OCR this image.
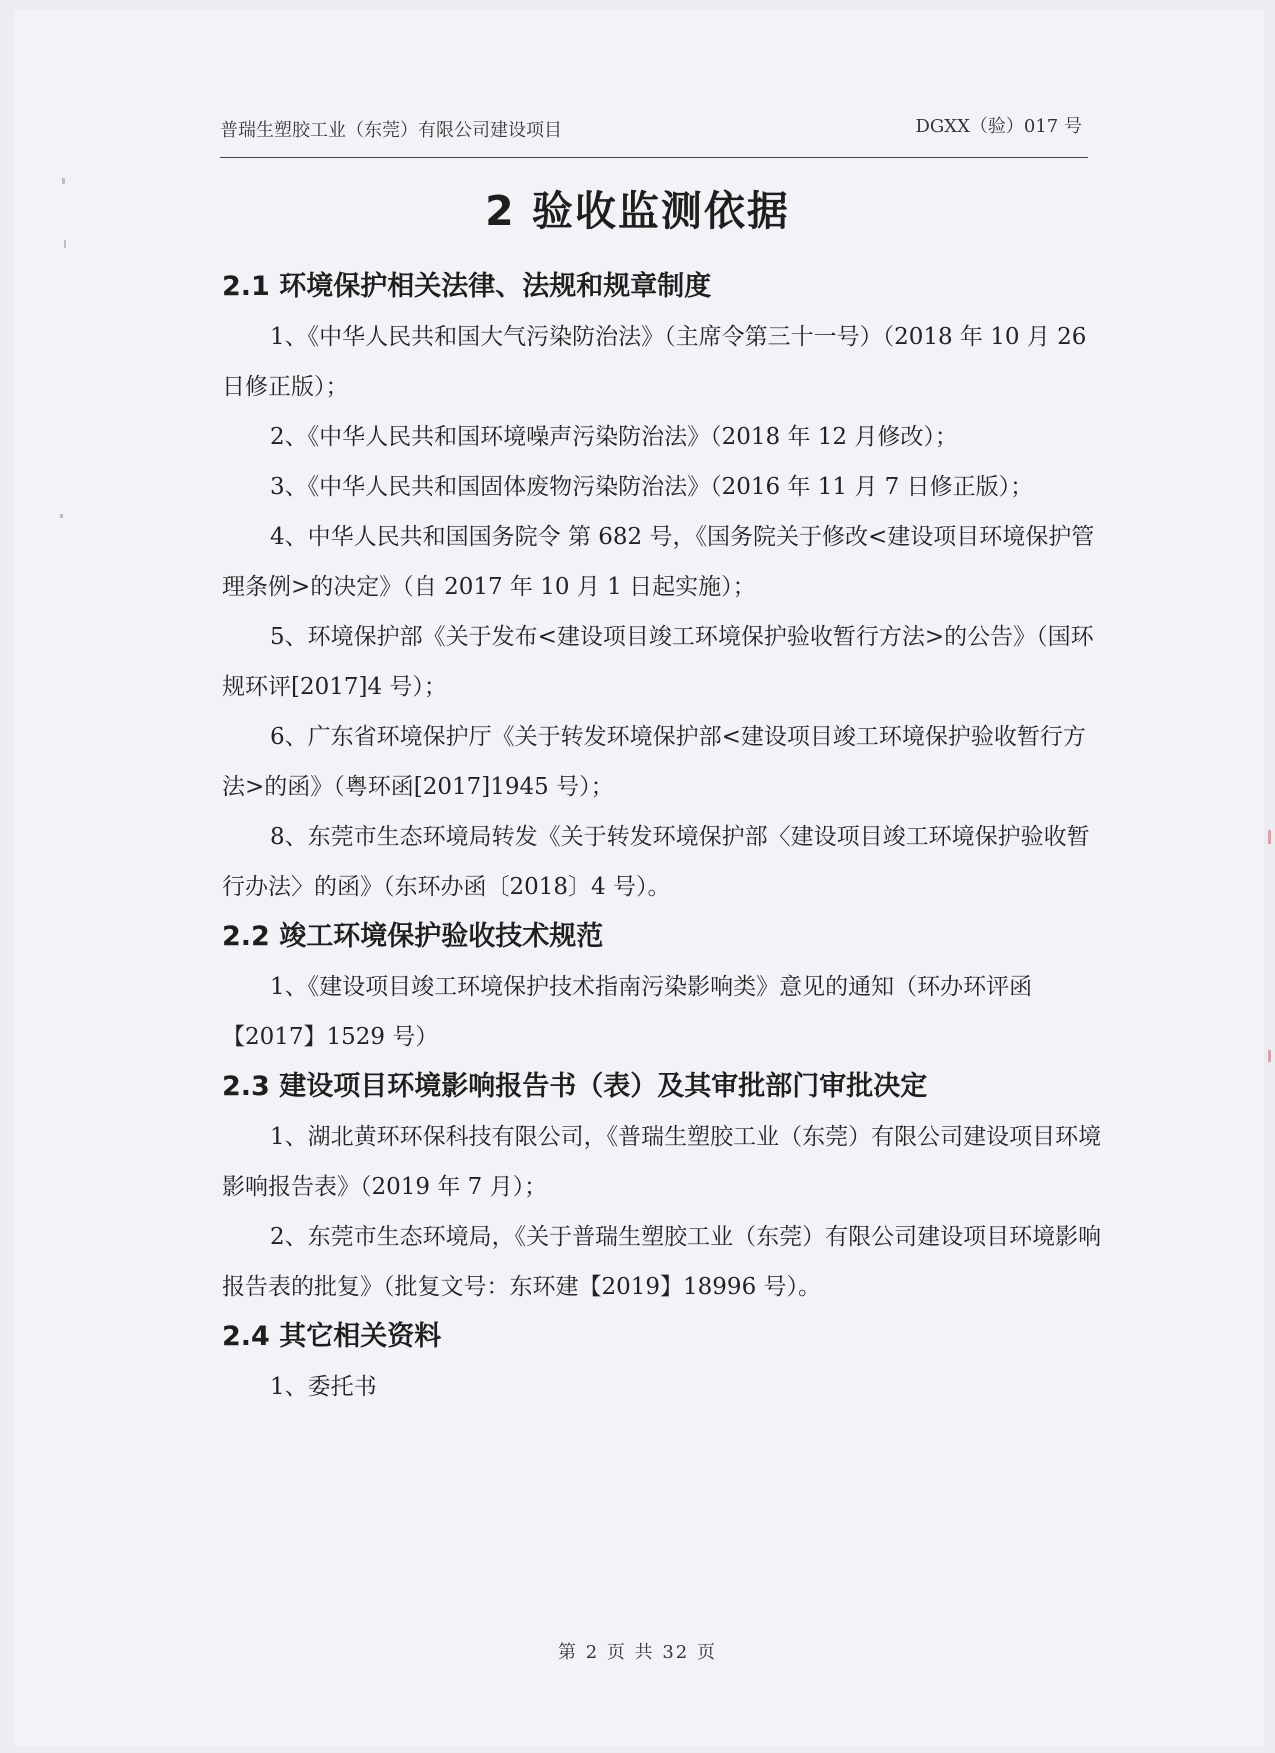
普瑞生塑胶工业（东莞）有限公司建设项目	DGXX（验）017 号
2 验收监测依据
2.1 环境保护相关法律、法规和规章制度

1、《中华人民共和国大气污染防治法》（主席令第三十一号）（2018 年 10 月 26 日修正版）；

2、《中华人民共和国环境噪声污染防治法》（2018 年 12 月修改）；

3、《中华人民共和国固体废物污染防治法》（2016 年 11 月 7 日修正版）；

4、中华人民共和国国务院令 第 682 号，《国务院关于修改<建设项目环境保护管理条例>的决定》（自 2017 年 10 月 1 日起实施）；

5、环境保护部《关于发布<建设项目竣工环境保护验收暂行方法>的公告》（国环规环评[2017]4 号）；

6、广东省环境保护厅《关于转发环境保护部<建设项目竣工环境保护验收暂行方法>的函》（粤环函[2017]1945 号）；

8、东莞市生态环境局转发《关于转发环境保护部〈建设项目竣工环境保护验收暂行办法〉的函》（东环办函〔2018〕4 号）。

2.2 竣工环境保护验收技术规范

1、《建设项目竣工环境保护技术指南污染影响类》意见的通知（环办环评函【2017】1529 号）

2.3 建设项目环境影响报告书（表）及其审批部门审批决定

1、湖北黄环环保科技有限公司，《普瑞生塑胶工业（东莞）有限公司建设项目环境影响报告表》（2019 年 7 月）；

2、东莞市生态环境局，《关于普瑞生塑胶工业（东莞）有限公司建设项目环境影响报告表的批复》（批复文号：东环建【2019】18996 号）。

2.4 其它相关资料

1、委托书

第 2 页 共 32 页
